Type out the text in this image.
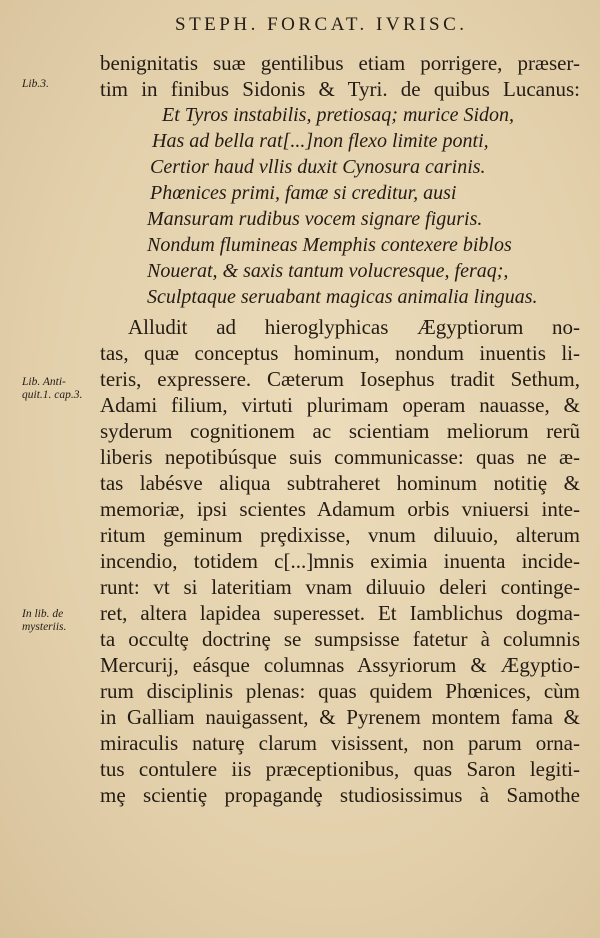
STEPH. FORCAT. IVRISC.
Lib.3.
Lib. Anti- quit.1. cap.3.
In lib. de mysteriis.
benignitatis suæ gentilibus etiam porrigere, præser-
tim in finibus Sidonis & Tyri. de quibus Lucanus:
Et Tyros instabilis, pretiosaq; murice Sidon,
Has ad bella rat[...]non flexo limite ponti,
Certior haud vllis duxit Cynosura carinis.
Phœnices primi, famæ si creditur, ausi
Mansuram rudibus vocem signare figuris.
Nondum flumineas Memphis contexere biblos
Nouerat, & saxis tantum volucresque, feraq;,
Sculptaque seruabant magicas animalia linguas.
Alludit ad hieroglyphicas Ægyptiorum no-
tas, quæ conceptus hominum, nondum inuentis li-
teris, expressere. Cæterum Iosephus tradit Sethum,
Adami filium, virtuti plurimam operam nauasse, &
syderum cognitionem ac scientiam meliorum rerũ
liberis nepotibúsque suis communicasse: quas ne æ-
tas labésve aliqua subtraheret hominum notitiȩ &
memoriæ, ipsi scientes Adamum orbis vniuersi inte-
ritum geminum prȩdixisse, vnum diluuio, alterum
incendio, totidem c[...]mnis eximia inuenta incide-
runt: vt si lateritiam vnam diluuio deleri continge-
ret, altera lapidea superesset. Et Iamblichus dogma-
ta occultȩ doctrinȩ se sumpsisse fatetur à columnis
Mercurij, eásque columnas Assyriorum & Ægyptio-
rum disciplinis plenas: quas quidem Phœnices, cùm
in Galliam nauigassent, & Pyrenem montem fama &
miraculis naturȩ clarum visissent, non parum orna-
tus contulere iis præceptionibus, quas Saron legiti-
mȩ scientiȩ propagandȩ studiosissimus à Samothe
